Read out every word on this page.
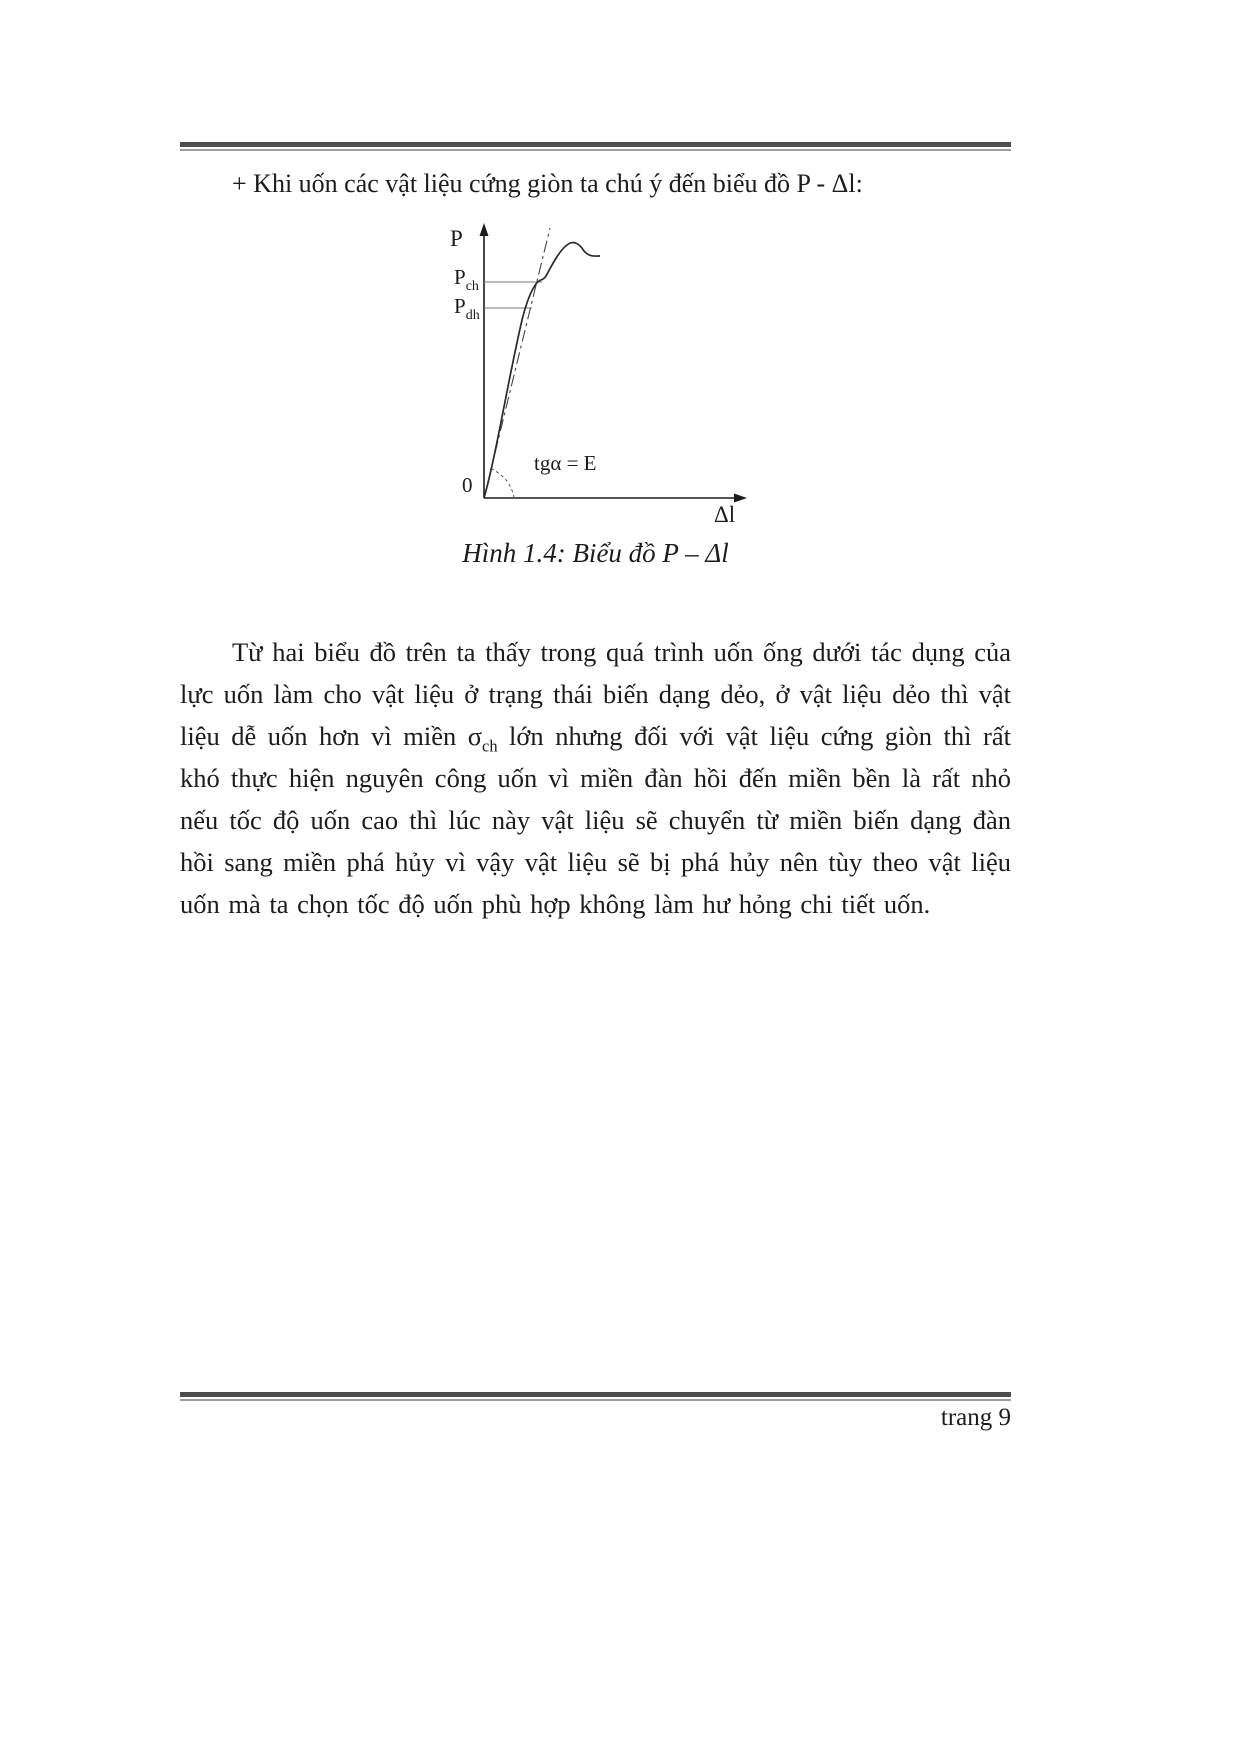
+ Khi uốn các vật liệu cứng giòn ta chú ý đến biểu đồ P - Δl:
P
Δl
0
$P_{ch}$
$P_{dh}$
tgα = E
Hình 1.4: Biểu đồ P – Δl

Từ hai biểu đồ trên ta thấy trong quá trình uốn ống dưới tác dụng của lực uốn làm cho vật liệu ở trạng thái biến dạng dẻo, ở vật liệu dẻo thì vật liệu dễ uốn hơn vì miền $\sigma_{ch}$ lớn nhưng đối với vật liệu cứng giòn thì rất khó thực hiện nguyên công uốn vì miền đàn hồi đến miền bền là rất nhỏ nếu tốc độ uốn cao thì lúc này vật liệu sẽ chuyển từ miền biến dạng đàn hồi sang miền phá hủy vì vậy vật liệu sẽ bị phá hủy nên tùy theo vật liệu uốn mà ta chọn tốc độ uốn phù hợp không làm hư hỏng chi tiết uốn.

trang 9
